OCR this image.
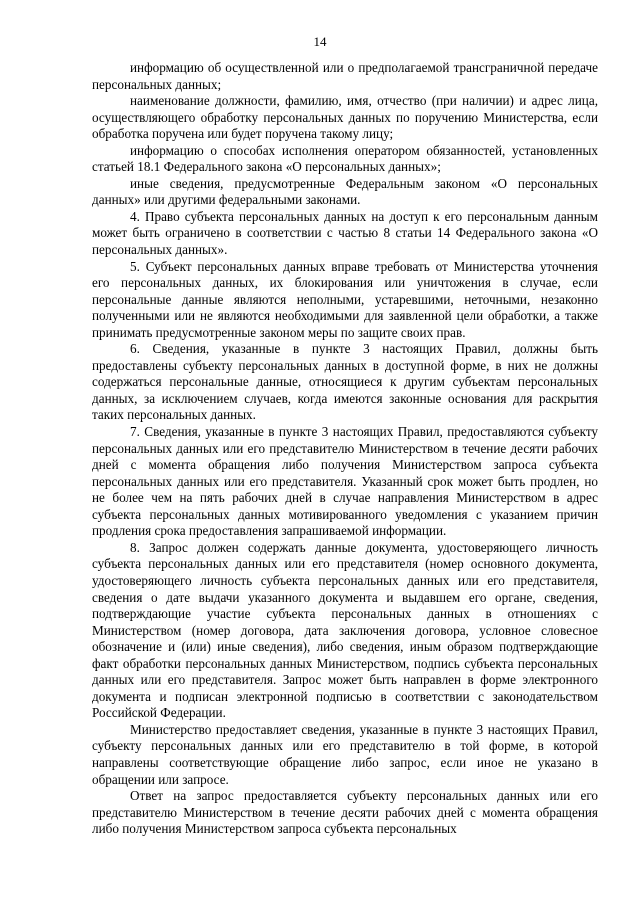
14

информацию об осуществленной или о предполагаемой трансграничной передаче персональных данных;

наименование должности, фамилию, имя, отчество (при наличии) и адрес лица, осуществляющего обработку персональных данных по поручению Министерства, если обработка поручена или будет поручена такому лицу;

информацию о способах исполнения оператором обязанностей, установленных статьей 18.1 Федерального закона «О персональных данных»;

иные сведения, предусмотренные Федеральным законом «О персональных данных» или другими федеральными законами.

4. Право субъекта персональных данных на доступ к его персональным данным может быть ограничено в соответствии с частью 8 статьи 14 Федерального закона «О персональных данных».

5. Субъект персональных данных вправе требовать от Министерства уточнения его персональных данных, их блокирования или уничтожения в случае, если персональные данные являются неполными, устаревшими, неточными, незаконно полученными или не являются необходимыми для заявленной цели обработки, а также принимать предусмотренные законом меры по защите своих прав.

6. Сведения, указанные в пункте 3 настоящих Правил, должны быть предоставлены субъекту персональных данных в доступной форме, в них не должны содержаться персональные данные, относящиеся к другим субъектам персональных данных, за исключением случаев, когда имеются законные основания для раскрытия таких персональных данных.

7. Сведения, указанные в пункте 3 настоящих Правил, предоставляются субъекту персональных данных или его представителю Министерством в течение десяти рабочих дней с момента обращения либо получения Министерством запроса субъекта персональных данных или его представителя. Указанный срок может быть продлен, но не более чем на пять рабочих дней в случае направления Министерством в адрес субъекта персональных данных мотивированного уведомления с указанием причин продления срока предоставления запрашиваемой информации.

8. Запрос должен содержать данные документа, удостоверяющего личность субъекта персональных данных или его представителя (номер основного документа, удостоверяющего личность субъекта персональных данных или его представителя, сведения о дате выдачи указанного документа и выдавшем его органе, сведения, подтверждающие участие субъекта персональных данных в отношениях с Министерством (номер договора, дата заключения договора, условное словесное обозначение и (или) иные сведения), либо сведения, иным образом подтверждающие факт обработки персональных данных Министерством, подпись субъекта персональных данных или его представителя. Запрос может быть направлен в форме электронного документа и подписан электронной подписью в соответствии с законодательством Российской Федерации.

Министерство предоставляет сведения, указанные в пункте 3 настоящих Правил, субъекту персональных данных или его представителю в той форме, в которой направлены соответствующие обращение либо запрос, если иное не указано в обращении или запросе.

Ответ на запрос предоставляется субъекту персональных данных или его представителю Министерством в течение десяти рабочих дней с момента обращения либо получения Министерством запроса субъекта персональных
